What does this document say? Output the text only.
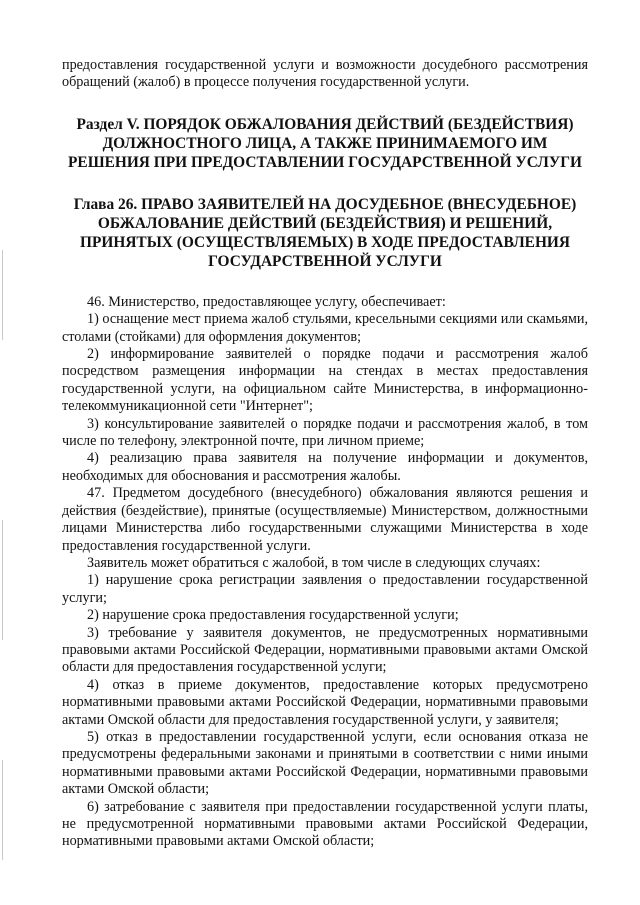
предоставления государственной услуги и возможности досудебного рассмотрения обращений (жалоб) в процессе получения государственной услуги.

Раздел V. ПОРЯДОК ОБЖАЛОВАНИЯ ДЕЙСТВИЙ (БЕЗДЕЙСТВИЯ) ДОЛЖНОСТНОГО ЛИЦА, А ТАКЖЕ ПРИНИМАЕМОГО ИМ РЕШЕНИЯ ПРИ ПРЕДОСТАВЛЕНИИ ГОСУДАРСТВЕННОЙ УСЛУГИ
Глава 26. ПРАВО ЗАЯВИТЕЛЕЙ НА ДОСУДЕБНОЕ (ВНЕСУДЕБНОЕ) ОБЖАЛОВАНИЕ ДЕЙСТВИЙ (БЕЗДЕЙСТВИЯ) И РЕШЕНИЙ, ПРИНЯТЫХ (ОСУЩЕСТВЛЯЕМЫХ) В ХОДЕ ПРЕДОСТАВЛЕНИЯ ГОСУДАРСТВЕННОЙ УСЛУГИ

46. Министерство, предоставляющее услугу, обеспечивает:

1) оснащение мест приема жалоб стульями, кресельными секциями или скамьями, столами (стойками) для оформления документов;

2) информирование заявителей о порядке подачи и рассмотрения жалоб посредством размещения информации на стендах в местах предоставления государственной услуги, на официальном сайте Министерства, в информационно-телекоммуникационной сети "Интернет";

3) консультирование заявителей о порядке подачи и рассмотрения жалоб, в том числе по телефону, электронной почте, при личном приеме;

4) реализацию права заявителя на получение информации и документов, необходимых для обоснования и рассмотрения жалобы.

47. Предметом досудебного (внесудебного) обжалования являются решения и действия (бездействие), принятые (осуществляемые) Министерством, должностными лицами Министерства либо государственными служащими Министерства в ходе предоставления государственной услуги.

Заявитель может обратиться с жалобой, в том числе в следующих случаях:

1) нарушение срока регистрации заявления о предоставлении государственной услуги;

2) нарушение срока предоставления государственной услуги;

3) требование у заявителя документов, не предусмотренных нормативными правовыми актами Российской Федерации, нормативными правовыми актами Омской области для предоставления государственной услуги;

4) отказ в приеме документов, предоставление которых предусмотрено нормативными правовыми актами Российской Федерации, нормативными правовыми актами Омской области для предоставления государственной услуги, у заявителя;

5) отказ в предоставлении государственной услуги, если основания отказа не предусмотрены федеральными законами и принятыми в соответствии с ними иными нормативными правовыми актами Российской Федерации, нормативными правовыми актами Омской области;

6) затребование с заявителя при предоставлении государственной услуги платы, не предусмотренной нормативными правовыми актами Российской Федерации, нормативными правовыми актами Омской области;
